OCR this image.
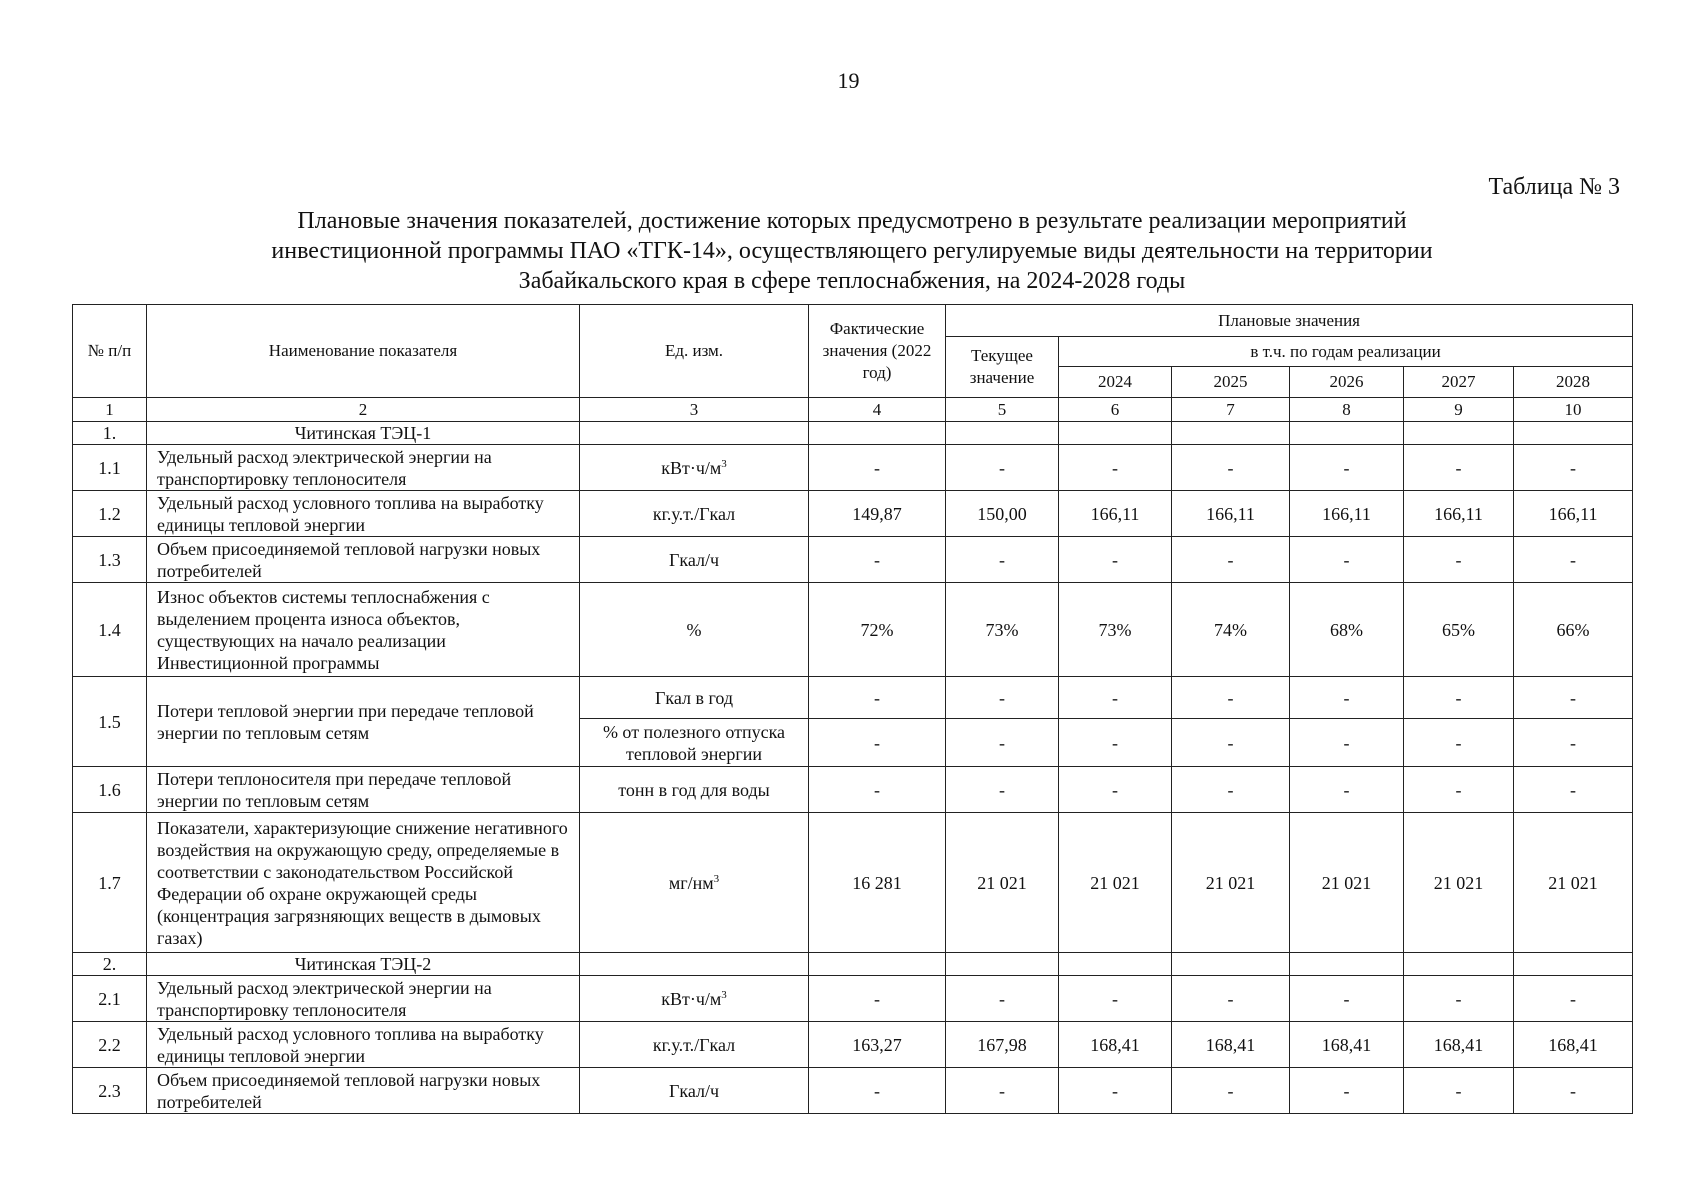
19
Таблица № 3
Плановые значения показателей, достижение которых предусмотрено в результате реализации мероприятий
инвестиционной программы ПАО «ТГК-14», осуществляющего регулируемые виды деятельности на территории
Забайкальского края в сфере теплоснабжения, на 2024-2028 годы
№ п/п	Наименование показателя	Ед. изм.	Фактические значения (2022 год)	Плановые значения					
				Текущее значение	в т.ч. по годам реализации				
					2024	2025	2026	2027	2028
1	2	3	4	5	6	7	8	9	10
1.	Читинская ТЭЦ-1								
1.1	Удельный расход электрической энергии на транспортировку теплоносителя	$кВт\cdot ч/м^3$	-	-	-	-	-	-	-
1.2	Удельный расход условного топлива на выработку единицы тепловой энергии	кг.у.т./Гкал	149,87	150,00	166,11	166,11	166,11	166,11	166,11
1.3	Объем присоединяемой тепловой нагрузки новых потребителей	Гкал/ч	-	-	-	-	-	-	-
1.4	Износ объектов системы теплоснабжения с выделением процента износа объектов, существующих на начало реализации Инвестиционной программы	%	72%	73%	73%	74%	68%	65%	66%
1.5	Потери тепловой энергии при передаче тепловой энергии по тепловым сетям	Гкал в год	-	-	-	-	-	-	-
		% от полезного отпуска тепловой энергии	-	-	-	-	-	-	-
1.6	Потери теплоносителя при передаче тепловой энергии по тепловым сетям	тонн в год для воды	-	-	-	-	-	-	-
1.7	Показатели, характеризующие снижение негативного воздействия на окружающую среду, определяемые в соответствии с законодательством Российской Федерации об охране окружающей среды (концентрация загрязняющих веществ в дымовых газах)	$мг/нм^3$	16 281	21 021	21 021	21 021	21 021	21 021	21 021
2.	Читинская ТЭЦ-2								
2.1	Удельный расход электрической энергии на транспортировку теплоносителя	$кВт\cdot ч/м^3$	-	-	-	-	-	-	-
2.2	Удельный расход условного топлива на выработку единицы тепловой энергии	кг.у.т./Гкал	163,27	167,98	168,41	168,41	168,41	168,41	168,41
2.3	Объем присоединяемой тепловой нагрузки новых потребителей	Гкал/ч	-	-	-	-	-	-	-
